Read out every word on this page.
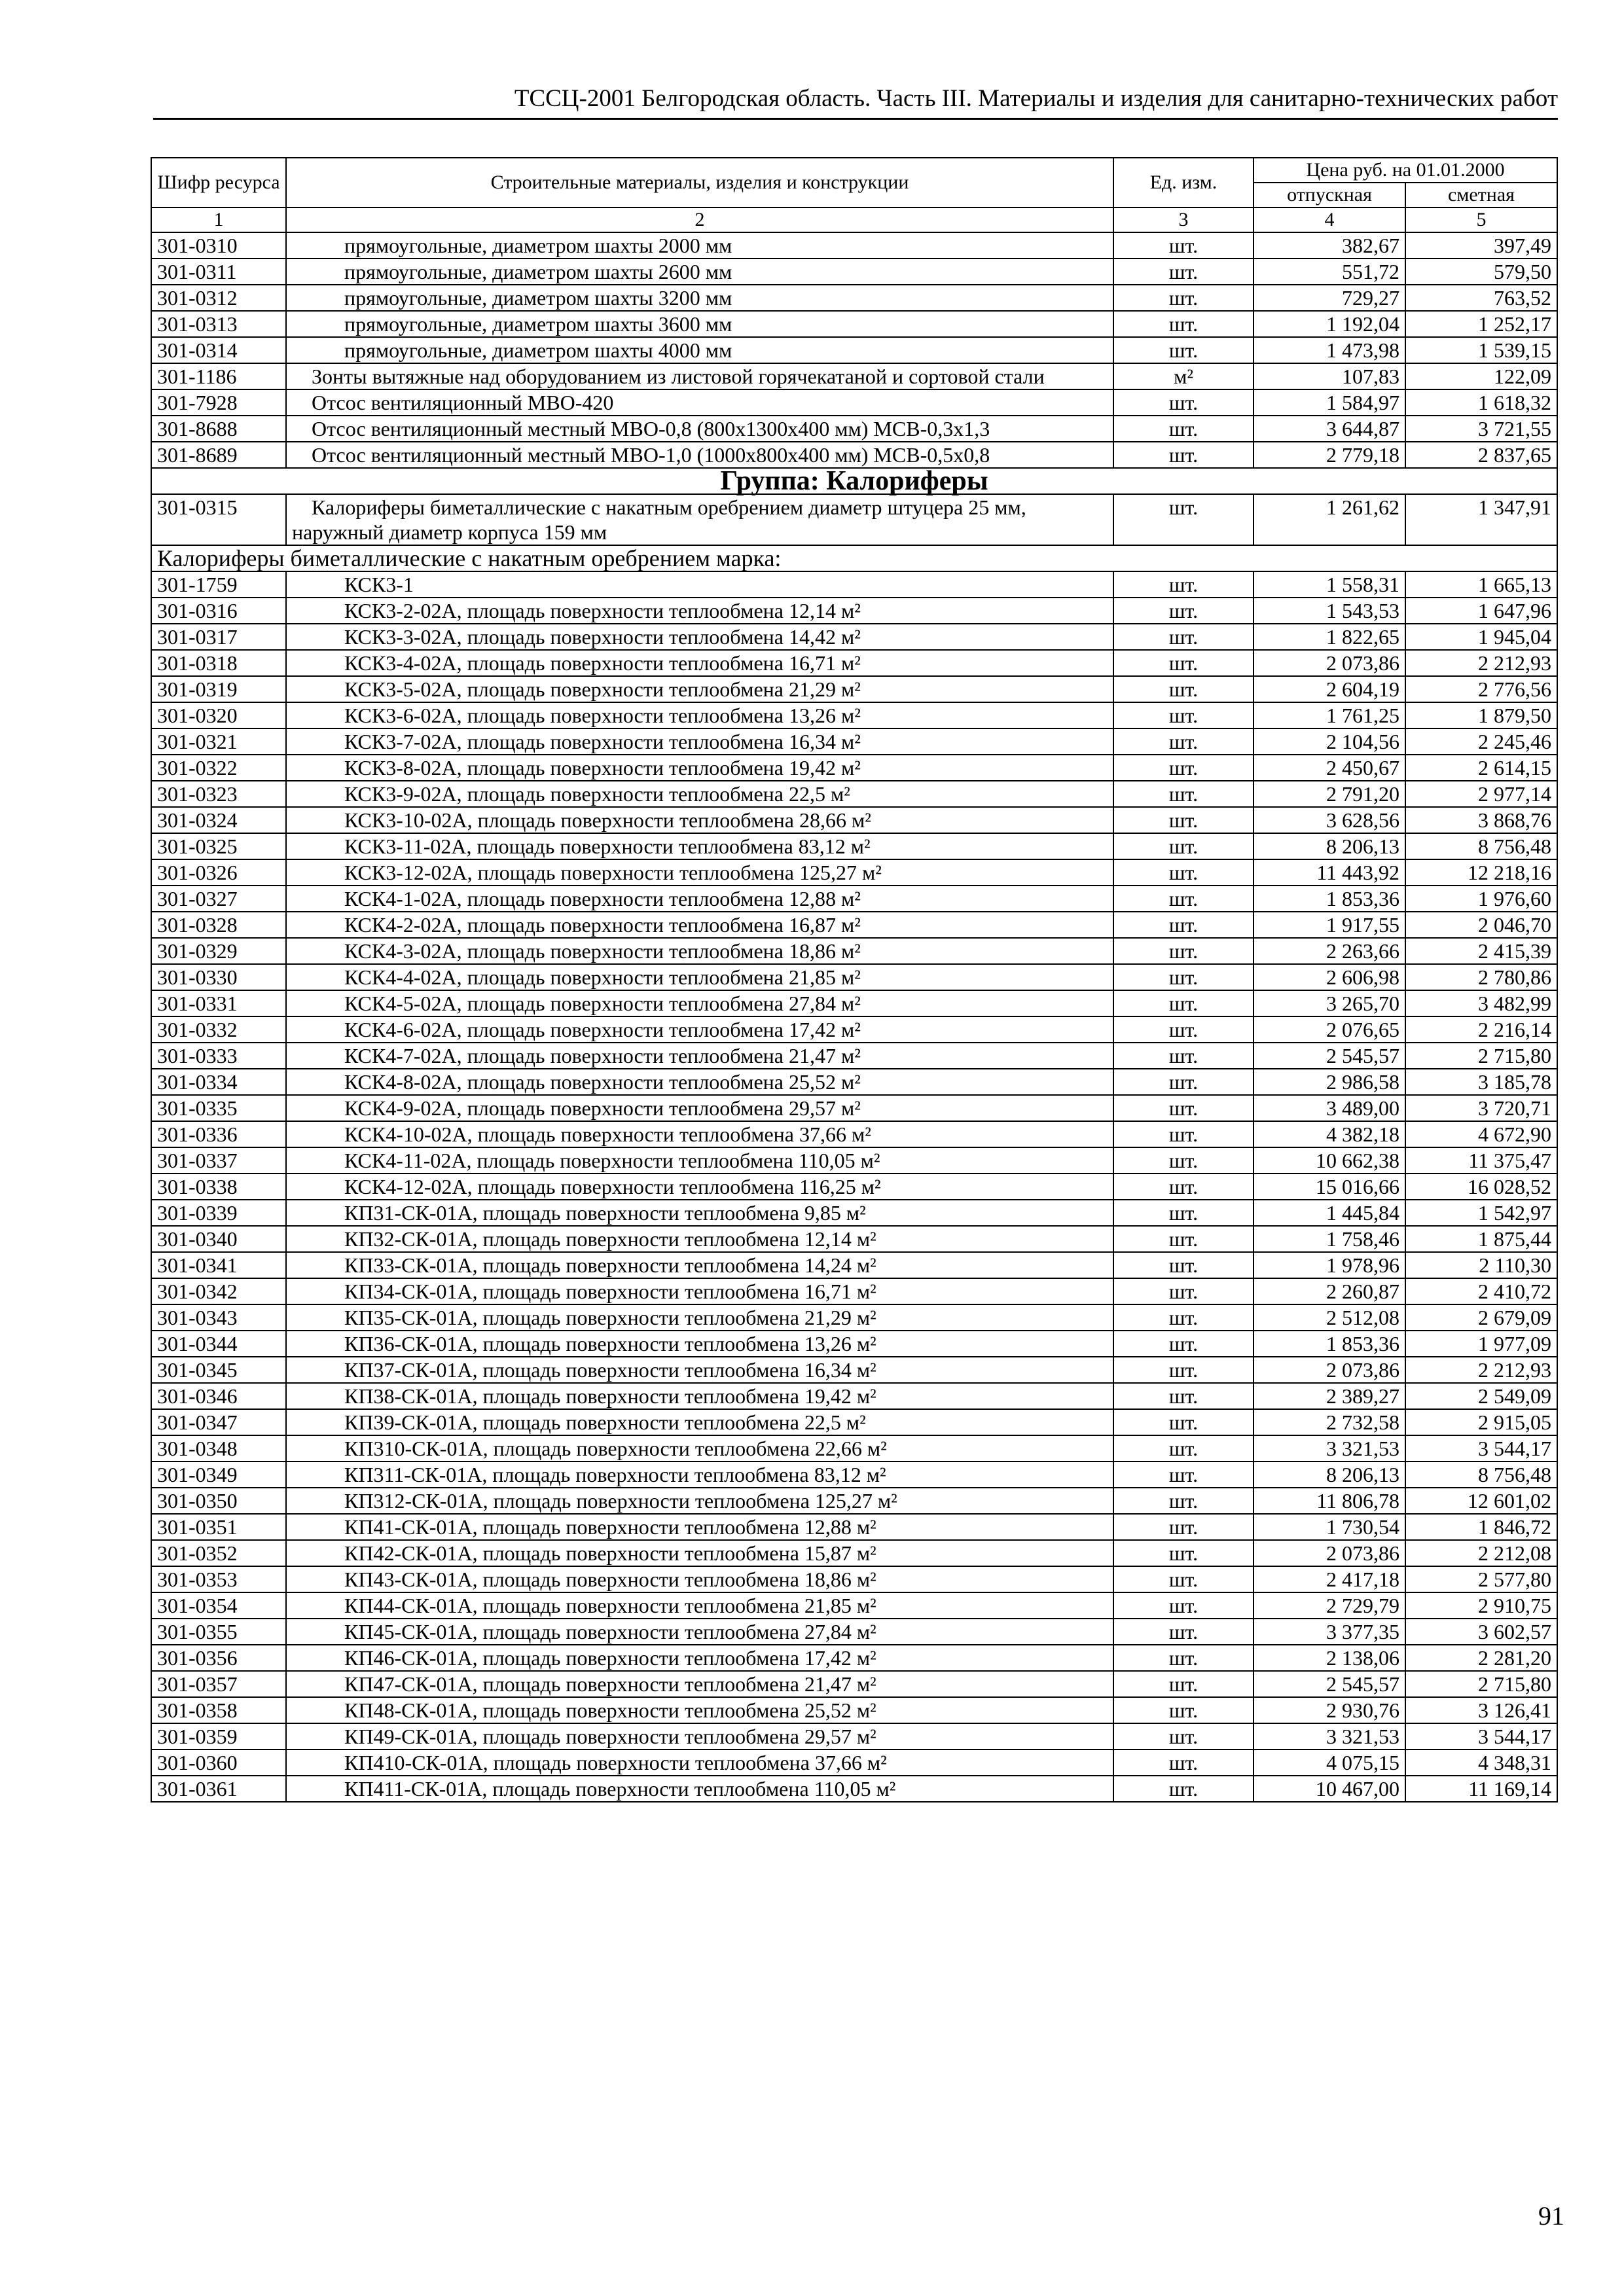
ТССЦ-2001 Белгородская область. Часть III. Материалы и изделия для санитарно-технических работ
Шифр ресурса	Строительные материалы, изделия и конструкции	Ед. изм.	Цена руб. на 01.01.2000	
			отпускная	сметная
1	2	3	4	5
301-0310	прямоугольные, диаметром шахты 2000 мм	шт.	382,67	397,49
301-0311	прямоугольные, диаметром шахты 2600 мм	шт.	551,72	579,50
301-0312	прямоугольные, диаметром шахты 3200 мм	шт.	729,27	763,52
301-0313	прямоугольные, диаметром шахты 3600 мм	шт.	1 192,04	1 252,17
301-0314	прямоугольные, диаметром шахты 4000 мм	шт.	1 473,98	1 539,15
301-1186	Зонты вытяжные над оборудованием из листовой горячекатаной и сортовой стали	м²	107,83	122,09
301-7928	Отсос вентиляционный МВО-420	шт.	1 584,97	1 618,32
301-8688	Отсос вентиляционный местный МВО-0,8 (800х1300х400 мм) МСВ-0,3х1,3	шт.	3 644,87	3 721,55
301-8689	Отсос вентиляционный местный МВО-1,0 (1000х800х400 мм) МСВ-0,5х0,8	шт.	2 779,18	2 837,65
Группа: Калориферы				
301-0315	Калориферы биметаллические с накатным оребрением диаметр штуцера 25 мм, наружный диаметр корпуса 159 мм	шт.	1 261,62	1 347,91
Калориферы биметаллические с накатным оребрением марка:				
301-1759	КСК3-1	шт.	1 558,31	1 665,13
301-0316	КСК3-2-02А, площадь поверхности теплообмена 12,14 м²	шт.	1 543,53	1 647,96
301-0317	КСК3-3-02А, площадь поверхности теплообмена 14,42 м²	шт.	1 822,65	1 945,04
301-0318	КСК3-4-02А, площадь поверхности теплообмена 16,71 м²	шт.	2 073,86	2 212,93
301-0319	КСК3-5-02А, площадь поверхности теплообмена 21,29 м²	шт.	2 604,19	2 776,56
301-0320	КСК3-6-02А, площадь поверхности теплообмена 13,26 м²	шт.	1 761,25	1 879,50
301-0321	КСК3-7-02А, площадь поверхности теплообмена 16,34 м²	шт.	2 104,56	2 245,46
301-0322	КСК3-8-02А, площадь поверхности теплообмена 19,42 м²	шт.	2 450,67	2 614,15
301-0323	КСК3-9-02А, площадь поверхности теплообмена 22,5 м²	шт.	2 791,20	2 977,14
301-0324	КСК3-10-02А, площадь поверхности теплообмена 28,66 м²	шт.	3 628,56	3 868,76
301-0325	КСК3-11-02А, площадь поверхности теплообмена 83,12 м²	шт.	8 206,13	8 756,48
301-0326	КСК3-12-02А, площадь поверхности теплообмена 125,27 м²	шт.	11 443,92	12 218,16
301-0327	КСК4-1-02А, площадь поверхности теплообмена 12,88 м²	шт.	1 853,36	1 976,60
301-0328	КСК4-2-02А, площадь поверхности теплообмена 16,87 м²	шт.	1 917,55	2 046,70
301-0329	КСК4-3-02А, площадь поверхности теплообмена 18,86 м²	шт.	2 263,66	2 415,39
301-0330	КСК4-4-02А, площадь поверхности теплообмена 21,85 м²	шт.	2 606,98	2 780,86
301-0331	КСК4-5-02А, площадь поверхности теплообмена 27,84 м²	шт.	3 265,70	3 482,99
301-0332	КСК4-6-02А, площадь поверхности теплообмена 17,42 м²	шт.	2 076,65	2 216,14
301-0333	КСК4-7-02А, площадь поверхности теплообмена 21,47 м²	шт.	2 545,57	2 715,80
301-0334	КСК4-8-02А, площадь поверхности теплообмена 25,52 м²	шт.	2 986,58	3 185,78
301-0335	КСК4-9-02А, площадь поверхности теплообмена 29,57 м²	шт.	3 489,00	3 720,71
301-0336	КСК4-10-02А, площадь поверхности теплообмена 37,66 м²	шт.	4 382,18	4 672,90
301-0337	КСК4-11-02А, площадь поверхности теплообмена 110,05 м²	шт.	10 662,38	11 375,47
301-0338	КСК4-12-02А, площадь поверхности теплообмена 116,25 м²	шт.	15 016,66	16 028,52
301-0339	КП31-СК-01А, площадь поверхности теплообмена 9,85 м²	шт.	1 445,84	1 542,97
301-0340	КП32-СК-01А, площадь поверхности теплообмена 12,14 м²	шт.	1 758,46	1 875,44
301-0341	КП33-СК-01А, площадь поверхности теплообмена 14,24 м²	шт.	1 978,96	2 110,30
301-0342	КП34-СК-01А, площадь поверхности теплообмена 16,71 м²	шт.	2 260,87	2 410,72
301-0343	КП35-СК-01А, площадь поверхности теплообмена 21,29 м²	шт.	2 512,08	2 679,09
301-0344	КП36-СК-01А, площадь поверхности теплообмена 13,26 м²	шт.	1 853,36	1 977,09
301-0345	КП37-СК-01А, площадь поверхности теплообмена 16,34 м²	шт.	2 073,86	2 212,93
301-0346	КП38-СК-01А, площадь поверхности теплообмена 19,42 м²	шт.	2 389,27	2 549,09
301-0347	КП39-СК-01А, площадь поверхности теплообмена 22,5 м²	шт.	2 732,58	2 915,05
301-0348	КП310-СК-01А, площадь поверхности теплообмена 22,66 м²	шт.	3 321,53	3 544,17
301-0349	КП311-СК-01А, площадь поверхности теплообмена 83,12 м²	шт.	8 206,13	8 756,48
301-0350	КП312-СК-01А, площадь поверхности теплообмена 125,27 м²	шт.	11 806,78	12 601,02
301-0351	КП41-СК-01А, площадь поверхности теплообмена 12,88 м²	шт.	1 730,54	1 846,72
301-0352	КП42-СК-01А, площадь поверхности теплообмена 15,87 м²	шт.	2 073,86	2 212,08
301-0353	КП43-СК-01А, площадь поверхности теплообмена 18,86 м²	шт.	2 417,18	2 577,80
301-0354	КП44-СК-01А, площадь поверхности теплообмена 21,85 м²	шт.	2 729,79	2 910,75
301-0355	КП45-СК-01А, площадь поверхности теплообмена 27,84 м²	шт.	3 377,35	3 602,57
301-0356	КП46-СК-01А, площадь поверхности теплообмена 17,42 м²	шт.	2 138,06	2 281,20
301-0357	КП47-СК-01А, площадь поверхности теплообмена 21,47 м²	шт.	2 545,57	2 715,80
301-0358	КП48-СК-01А, площадь поверхности теплообмена 25,52 м²	шт.	2 930,76	3 126,41
301-0359	КП49-СК-01А, площадь поверхности теплообмена 29,57 м²	шт.	3 321,53	3 544,17
301-0360	КП410-СК-01А, площадь поверхности теплообмена 37,66 м²	шт.	4 075,15	4 348,31
301-0361	КП411-СК-01А, площадь поверхности теплообмена 110,05 м²	шт.	10 467,00	11 169,14
91
